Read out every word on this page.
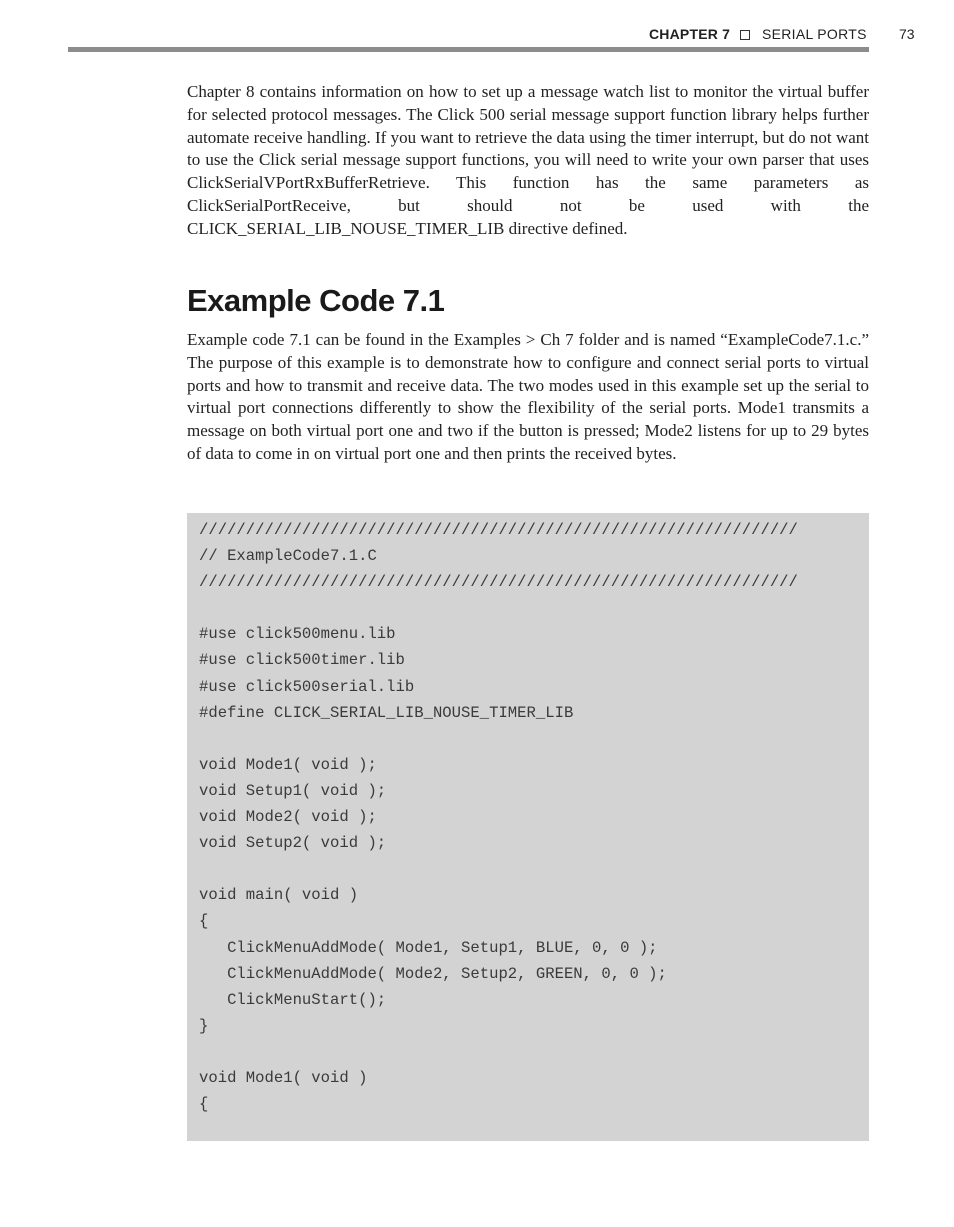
CHAPTER 7 SERIAL PORTS 73

Chapter 8 contains information on how to set up a message watch list to monitor the virtual buffer for selected protocol messages. The Click 500 serial message support function library helps further automate receive handling. If you want to retrieve the data using the timer interrupt, but do not want to use the Click serial message support functions, you will need to write your own parser that uses ClickSerialVPortRxBufferRetrieve. This function has the same parameters as ClickSerialPortReceive, but should not be used with the CLICK_SERIAL_LIB_NOUSE_TIMER_LIB directive defined.

Example Code 7.1

Example code 7.1 can be found in the Examples > Ch 7 folder and is named “ExampleCode7.1.c.” The purpose of this example is to demonstrate how to configure and connect serial ports to virtual ports and how to transmit and receive data. The two modes used in this example set up the serial to virtual port connections differently to show the flexibility of the serial ports. Mode1 transmits a message on both virtual port one and two if the button is pressed; Mode2 listens for up to 29 bytes of data to come in on virtual port one and then prints the received bytes.

////////////////////////////////////////////////////////////////
// ExampleCode7.1.C
////////////////////////////////////////////////////////////////
#use click500menu.lib
#use click500timer.lib
#use click500serial.lib
#define CLICK_SERIAL_LIB_NOUSE_TIMER_LIB
void Mode1( void );
void Setup1( void );
void Mode2( void );
void Setup2( void );
void main( void )
{
ClickMenuAddMode( Mode1, Setup1, BLUE, 0, 0 );
ClickMenuAddMode( Mode2, Setup2, GREEN, 0, 0 );
ClickMenuStart();
}
void Mode1( void )
{
